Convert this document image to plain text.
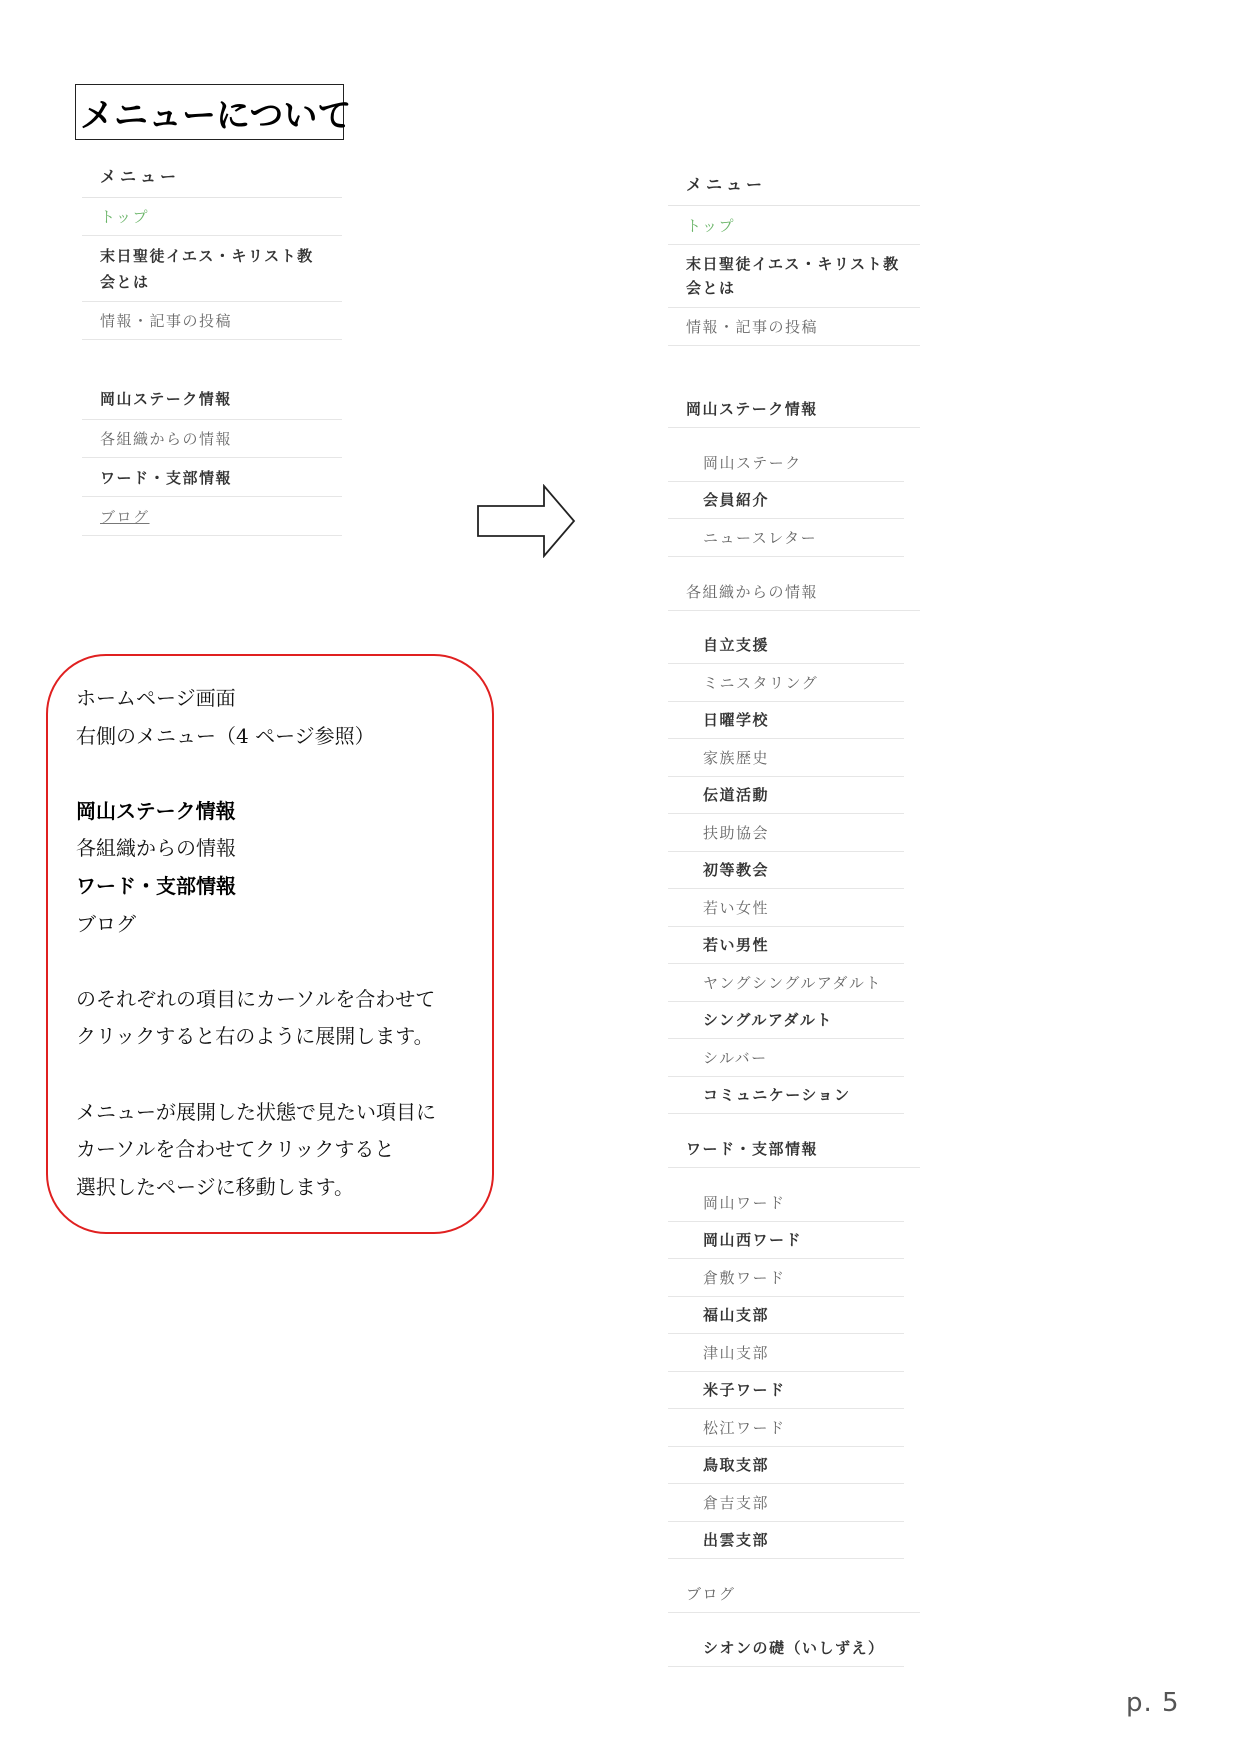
メニューについて
メニュー
トップ
末日聖徒イエス・キリスト教
会とは
情報・記事の投稿
岡山ステーク情報
各組織からの情報
ワード・支部情報
ブログ
メニュー
トップ
末日聖徒イエス・キリスト教
会とは
情報・記事の投稿
岡山ステーク情報
岡山ステーク
会員紹介
ニュースレター
各組織からの情報
自立支援
ミニスタリング
日曜学校
家族歴史
伝道活動
扶助協会
初等教会
若い女性
若い男性
ヤングシングルアダルト
シングルアダルト
シルバー
コミュニケーション
ワード・支部情報
岡山ワード
岡山西ワード
倉敷ワード
福山支部
津山支部
米子ワード
松江ワード
鳥取支部
倉吉支部
出雲支部
ブログ
シオンの礎（いしずえ）
ホームページ画面
右側のメニュー（4 ページ参照）
岡山ステーク情報
各組織からの情報
ワード・支部情報
ブログ
のそれぞれの項目にカーソルを合わせて
クリックすると右のように展開します。
メニューが展開した状態で見たい項目に
カーソルを合わせてクリックすると
選択したページに移動します。
p. 5
